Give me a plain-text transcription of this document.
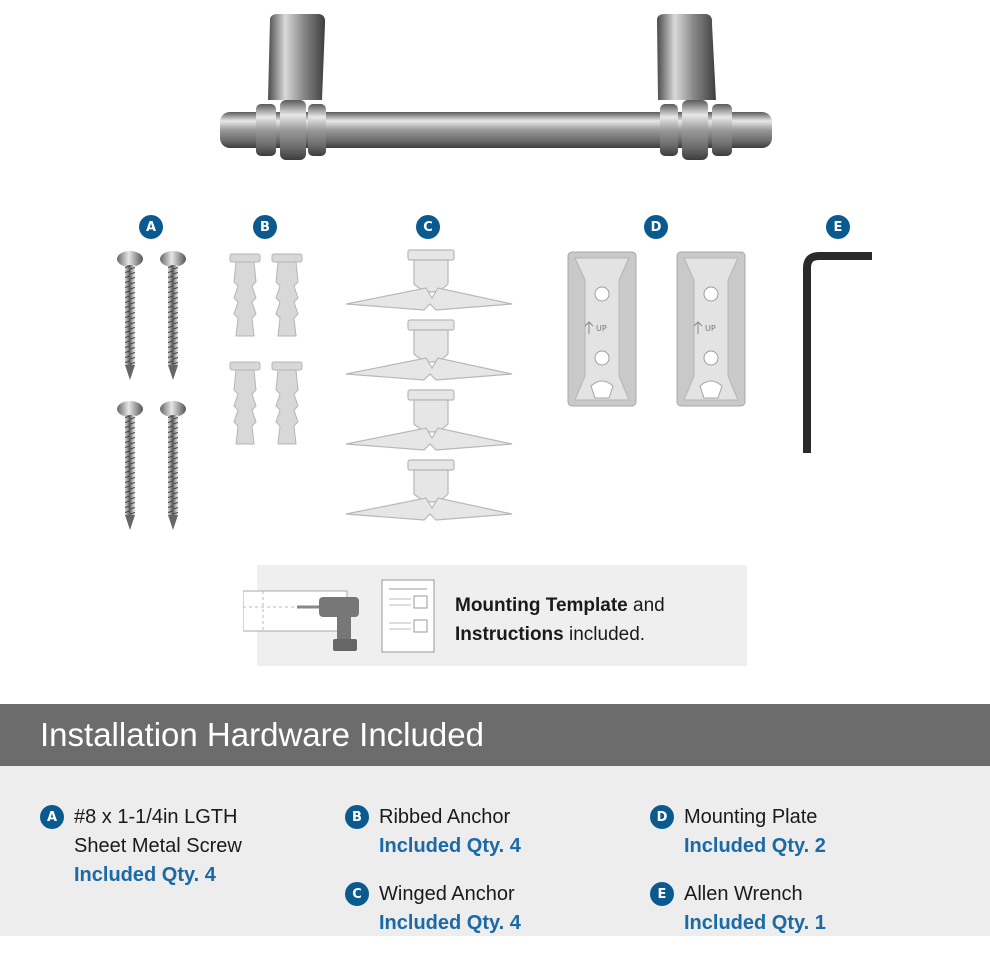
A	B	C	D	E
UP	UP
Mounting Template and
Instructions included.
Installation Hardware Included
A #8 x 1-1/4in LGTH
Sheet Metal Screw
Included Qty. 4
B Ribbed Anchor
Included Qty. 4
C Winged Anchor
Included Qty. 4
D Mounting Plate
Included Qty. 2
E Allen Wrench
Included Qty. 1
